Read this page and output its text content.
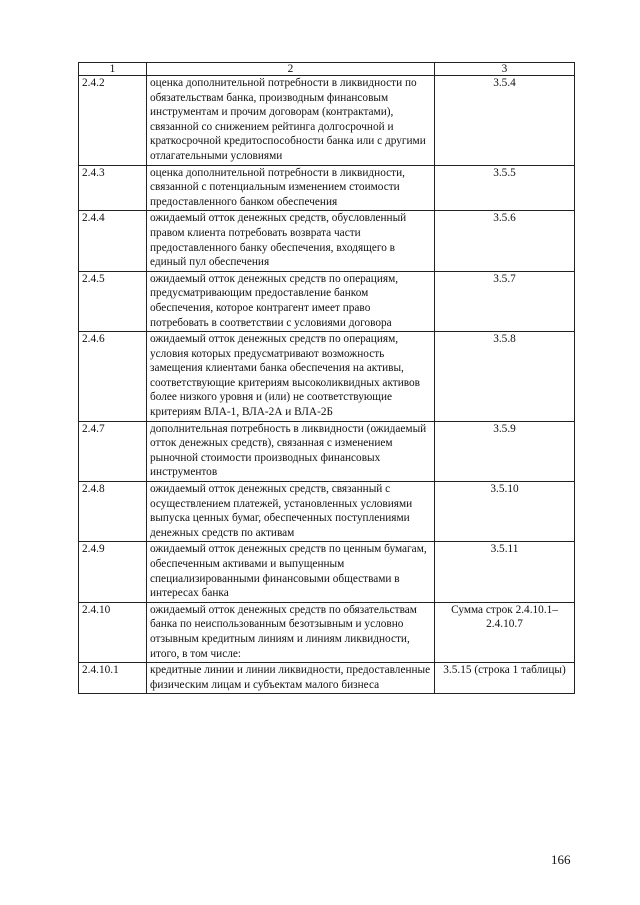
1	2	3
2.4.2	оценка дополнительной потребности в ликвидности по обязательствам банка, производным финансовым инструментам и прочим договорам (контрактами), связанной со снижением рейтинга долгосрочной и краткосрочной кредитоспособности банка или с другими отлагательными условиями	3.5.4
2.4.3	оценка дополнительной потребности в ликвидности, связанной с потенциальным изменением стоимости предоставленного банком обеспечения	3.5.5
2.4.4	ожидаемый отток денежных средств, обусловленный правом клиента потребовать возврата части предоставленного банку обеспечения, входящего в единый пул обеспечения	3.5.6
2.4.5	ожидаемый отток денежных средств по операциям, предусматривающим предоставление банком обеспечения, которое контрагент имеет право потребовать в соответствии с условиями договора	3.5.7
2.4.6	ожидаемый отток денежных средств по операциям, условия которых предусматривают возможность замещения клиентами банка обеспечения на активы, соответствующие критериям высоколиквидных активов более низкого уровня и (или) не соответствующие критериям ВЛА-1, ВЛА-2А и ВЛА-2Б	3.5.8
2.4.7	дополнительная потребность в ликвидности (ожидаемый отток денежных средств), связанная с изменением рыночной стоимости производных финансовых инструментов	3.5.9
2.4.8	ожидаемый отток денежных средств, связанный с осуществлением платежей, установленных условиями выпуска ценных бумаг, обеспеченных поступлениями денежных средств по активам	3.5.10
2.4.9	ожидаемый отток денежных средств по ценным бумагам, обеспеченным активами и выпущенным специализированными финансовыми обществами в интересах банка	3.5.11
2.4.10	ожидаемый отток денежных средств по обязательствам банка по неиспользованным безотзывным и условно отзывным кредитным линиям и линиям ликвидности, итого, в том числе:	Сумма строк 2.4.10.1–2.4.10.7
2.4.10.1	кредитные линии и линии ликвидности, предоставленные физическим лицам и субъектам малого бизнеса	3.5.15 (строка 1 таблицы)
166
